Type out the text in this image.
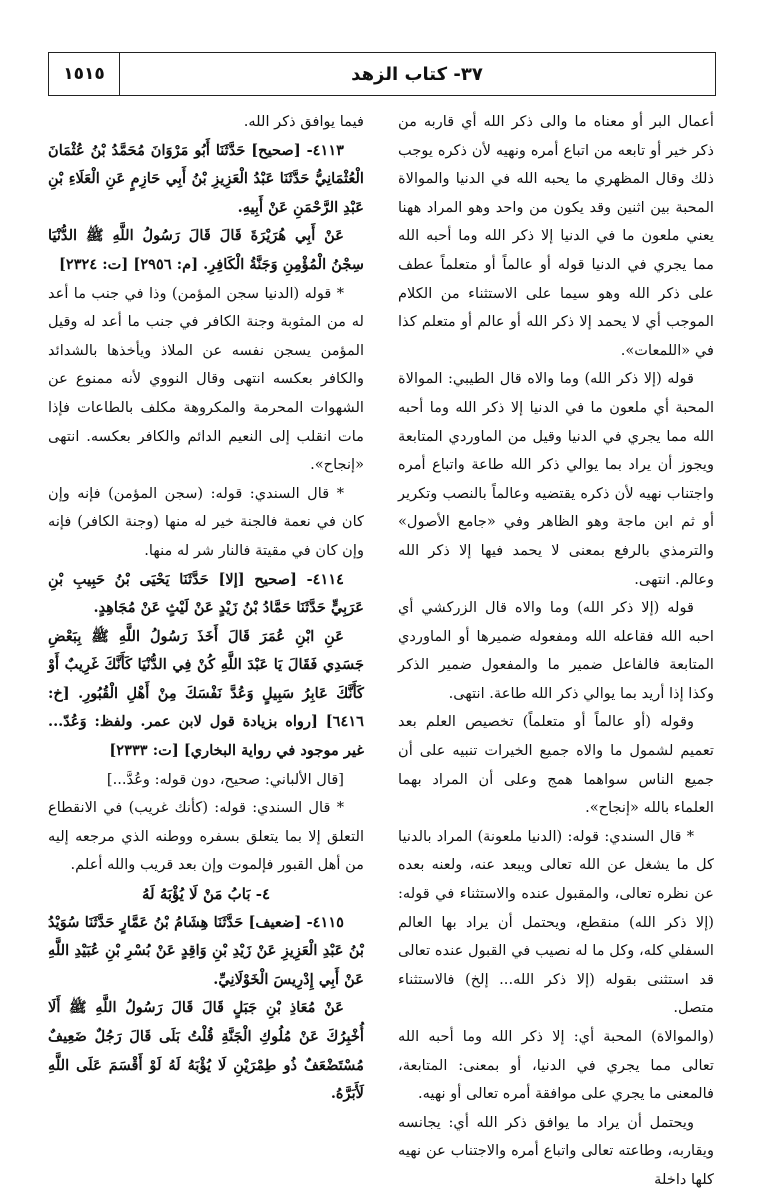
١٥١٥	٣٧- كتاب الزهد

أعمال البر أو معناه ما والى ذكر الله أي قاربه من ذكر خير أو تابعه من اتباع أمره ونهيه لأن ذكره يوجب ذلك وقال المظهري ما يحبه الله في الدنيا والموالاة المحبة بين اثنين وقد يكون من واحد وهو المراد ههنا يعني ملعون ما في الدنيا إلا ذكر الله وما أحبه الله مما يجري في الدنيا قوله أو عالماً أو متعلماً عطف على ذكر الله وهو سيما على الاستثناء من الكلام الموجب أي لا يحمد إلا ذكر الله أو عالم أو متعلم كذا في «اللمعات».

قوله (إلا ذكر الله) وما والاه قال الطيبي: الموالاة المحبة أي ملعون ما في الدنيا إلا ذكر الله وما أحبه الله مما يجري في الدنيا وقيل من الماوردي المتابعة ويجوز أن يراد بما يوالي ذكر الله طاعة واتباع أمره واجتناب نهيه لأن ذكره يقتضيه وعالماً بالنصب وتكرير أو ثم ابن ماجة وهو الظاهر وفي «جامع الأصول» والترمذي بالرفع بمعنى لا يحمد فيها إلا ذكر الله وعالم. انتهى.

قوله (إلا ذكر الله) وما والاه قال الزركشي أي احبه الله فقاعله الله ومفعوله ضميرها أو الماوردي المتابعة فالفاعل ضمير ما والمفعول ضمير الذكر وكذا إذا أريد بما يوالي ذكر الله طاعة. انتهى.

وقوله (أو عالماً أو متعلماً) تخصيص العلم بعد تعميم لشمول ما والاه جميع الخيرات تنبيه على أن جميع الناس سواهما همج وعلى أن المراد بهما العلماء بالله «إنجاح».

* قال السندي: قوله: (الدنيا ملعونة) المراد بالدنيا كل ما يشغل عن الله تعالى ويبعد عنه، ولعنه بعده عن نظره تعالى، والمقبول عنده والاستثناء في قوله: (إلا ذكر الله) منقطع، ويحتمل أن يراد بها العالم السفلي كله، وكل ما له نصيب في القبول عنده تعالى قد استثنى بقوله (إلا ذكر الله... إلخ) فالاستثناء متصل.

(والموالاة) المحبة أي: إلا ذكر الله وما أحبه الله تعالى مما يجري في الدنيا، أو بمعنى: المتابعة، فالمعنى ما يجري على موافقة أمره تعالى أو نهيه.

ويحتمل أن يراد ما يوافق ذكر الله أي: يجانسه ويقاربه، وطاعته تعالى واتباع أمره والاجتناب عن نهيه كلها داخلة

فيما يوافق ذكر الله.

٤١١٣- [صحيح] حَدَّثَنَا أَبُو مَرْوَانَ مُحَمَّدُ بْنُ عُثْمَانَ الْعُثْمَانِيُّ حَدَّثَنَا عَبْدُ الْعَزِيزِ بْنُ أَبِي حَازِمٍ عَنِ الْعَلَاءِ بْنِ عَبْدِ الرَّحْمَنِ عَنْ أَبِيهِ.

عَنْ أَبِي هُرَيْرَةَ قَالَ قَالَ رَسُولُ اللَّهِ ﷺ الدُّنْيَا سِجْنُ الْمُؤْمِنِ وَجَنَّةُ الْكَافِرِ. [م: ٢٩٥٦] [ت: ٢٣٢٤]

* قوله (الدنيا سجن المؤمن) وذا في جنب ما أعد له من المثوبة وجنة الكافر في جنب ما أعد له وقيل المؤمن يسجن نفسه عن الملاذ ويأخذها بالشدائد والكافر بعكسه انتهى وقال النووي لأنه ممنوع عن الشهوات المحرمة والمكروهة مكلف بالطاعات فإذا مات انقلب إلى النعيم الدائم والكافر بعكسه. انتهى «إنجاح».

* قال السندي: قوله: (سجن المؤمن) فإنه وإن كان في نعمة فالجنة خير له منها (وجنة الكافر) فإنه وإن كان في مقيتة فالنار شر له منها.

٤١١٤- [صحيح [إلا] حَدَّثَنَا يَحْيَى بْنُ حَبِيبِ بْنِ عَرَبِيٍّ حَدَّثَنَا حَمَّادُ بْنُ زَيْدٍ عَنْ لَيْثٍ عَنْ مُجَاهِدٍ.

عَنِ ابْنِ عُمَرَ قَالَ أَخَذَ رَسُولُ اللَّهِ ﷺ بِبَعْضِ جَسَدِي فَقَالَ يَا عَبْدَ اللَّهِ كُنْ فِي الدُّنْيَا كَأَنَّكَ غَرِيبٌ أَوْ كَأَنَّكَ عَابِرُ سَبِيلٍ وَعُدَّ نَفْسَكَ مِنْ أَهْلِ الْقُبُورِ. [خ: ٦٤١٦] [رواه بزيادة قول لابن عمر. ولفظ: وَعُدّ... غير موجود في رواية البخاري] [ت: ٢٣٣٣]

[قال الألباني: صحيح، دون قوله: وعُدَّ...]

* قال السندي: قوله: (كأنك غريب) في الانقطاع التعلق إلا بما يتعلق بسفره ووطنه الذي مرجعه إليه من أهل القبور فإلموت وإن بعد قريب والله أعلم.

٤- بَابُ مَنْ لَا يُؤْبَهُ لَهُ

٤١١٥- [ضعيف] حَدَّثَنَا هِشَامُ بْنُ عَمَّارٍ حَدَّثَنَا سُوَيْدُ بْنُ عَبْدِ الْعَزِيزِ عَنْ زَيْدِ بْنِ وَاقِدٍ عَنْ بُسْرِ بْنِ عُبَيْدِ اللَّهِ عَنْ أَبِي إِدْرِيسَ الْخَوْلَانِيِّ.

عَنْ مُعَاذِ بْنِ جَبَلٍ قَالَ قَالَ رَسُولُ اللَّهِ ﷺ أَلَا أُخْبِرُكَ عَنْ مُلُوكِ الْجَنَّةِ قُلْتُ بَلَى قَالَ رَجُلٌ ضَعِيفٌ مُسْتَضْعَفٌ ذُو طِمْرَيْنِ لَا يُؤْبَهُ لَهُ لَوْ أَقْسَمَ عَلَى اللَّهِ لَأَبَرَّهُ.
